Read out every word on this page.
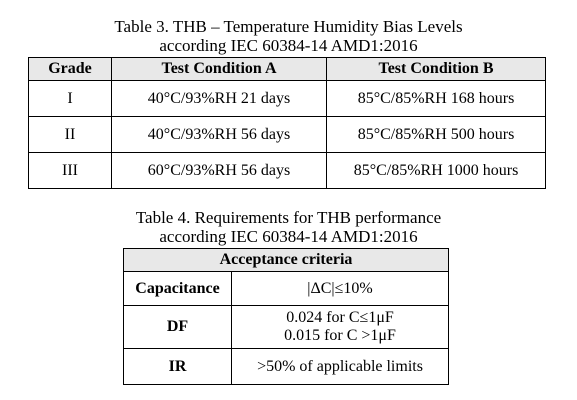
Table 3. THB – Temperature Humidity Bias Levels
according IEC 60384-14 AMD1:2016
Grade	Test Condition A	Test Condition B
I	40°C/93%RH 21 days	85°C/85%RH 168 hours
II	40°C/93%RH 56 days	85°C/85%RH 500 hours
III	60°C/93%RH 56 days	85°C/85%RH 1000 hours
Table 4. Requirements for THB performance
according IEC 60384-14 AMD1:2016
Acceptance criteria	
Capacitance	|ΔC|≤10%
DF	0.024 for C≤1μF
0.015 for C >1μF

IR	>50% of applicable limits
